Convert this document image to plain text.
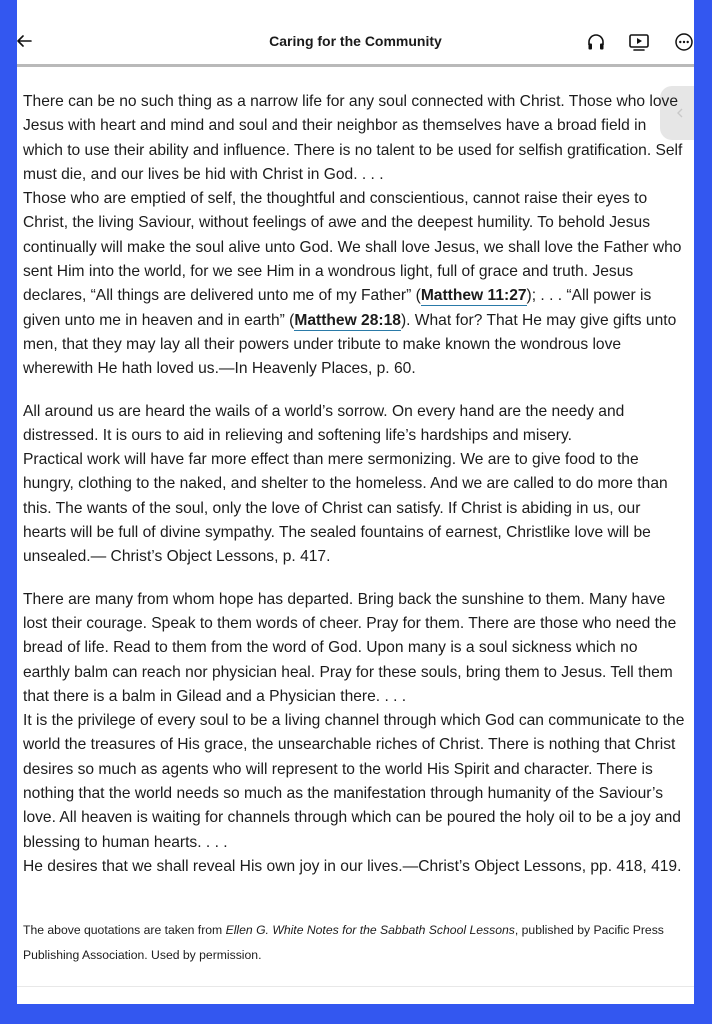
Caring for the Community

There can be no such thing as a narrow life for any soul connected with Christ. Those who love Jesus with heart and mind and soul and their neighbor as themselves have a broad field in which to use their ability and influence. There is no talent to be used for selfish gratification. Self must die, and our lives be hid with Christ in God. . . .

Those who are emptied of self, the thoughtful and conscientious, cannot raise their eyes to Christ, the living Saviour, without feelings of awe and the deepest humility. To behold Jesus continually will make the soul alive unto God. We shall love Jesus, we shall love the Father who sent Him into the world, for we see Him in a wondrous light, full of grace and truth. Jesus declares, “All things are delivered unto me of my Father” (Matthew 11:27); . . . “All power is given unto me in heaven and in earth” (Matthew 28:18). What for? That He may give gifts unto men, that they may lay all their powers under tribute to make known the wondrous love wherewith He hath loved us.—In Heavenly Places, p. 60.

All around us are heard the wails of a world’s sorrow. On every hand are the needy and distressed. It is ours to aid in relieving and softening life’s hardships and misery.

Practical work will have far more effect than mere sermonizing. We are to give food to the hungry, clothing to the naked, and shelter to the homeless. And we are called to do more than this. The wants of the soul, only the love of Christ can satisfy. If Christ is abiding in us, our hearts will be full of divine sympathy. The sealed fountains of earnest, Christlike love will be unsealed.— Christ’s Object Lessons, p. 417.

There are many from whom hope has departed. Bring back the sunshine to them. Many have lost their courage. Speak to them words of cheer. Pray for them. There are those who need the bread of life. Read to them from the word of God. Upon many is a soul sickness which no earthly balm can reach nor physician heal. Pray for these souls, bring them to Jesus. Tell them that there is a balm in Gilead and a Physician there. . . .

It is the privilege of every soul to be a living channel through which God can communicate to the world the treasures of His grace, the unsearchable riches of Christ. There is nothing that Christ desires so much as agents who will represent to the world His Spirit and character. There is nothing that the world needs so much as the manifestation through humanity of the Saviour’s love. All heaven is waiting for channels through which can be poured the holy oil to be a joy and blessing to human hearts. . . .

He desires that we shall reveal His own joy in our lives.—Christ’s Object Lessons, pp. 418, 419.

The above quotations are taken from Ellen G. White Notes for the Sabbath School Lessons, published by Pacific Press Publishing Association. Used by permission.
